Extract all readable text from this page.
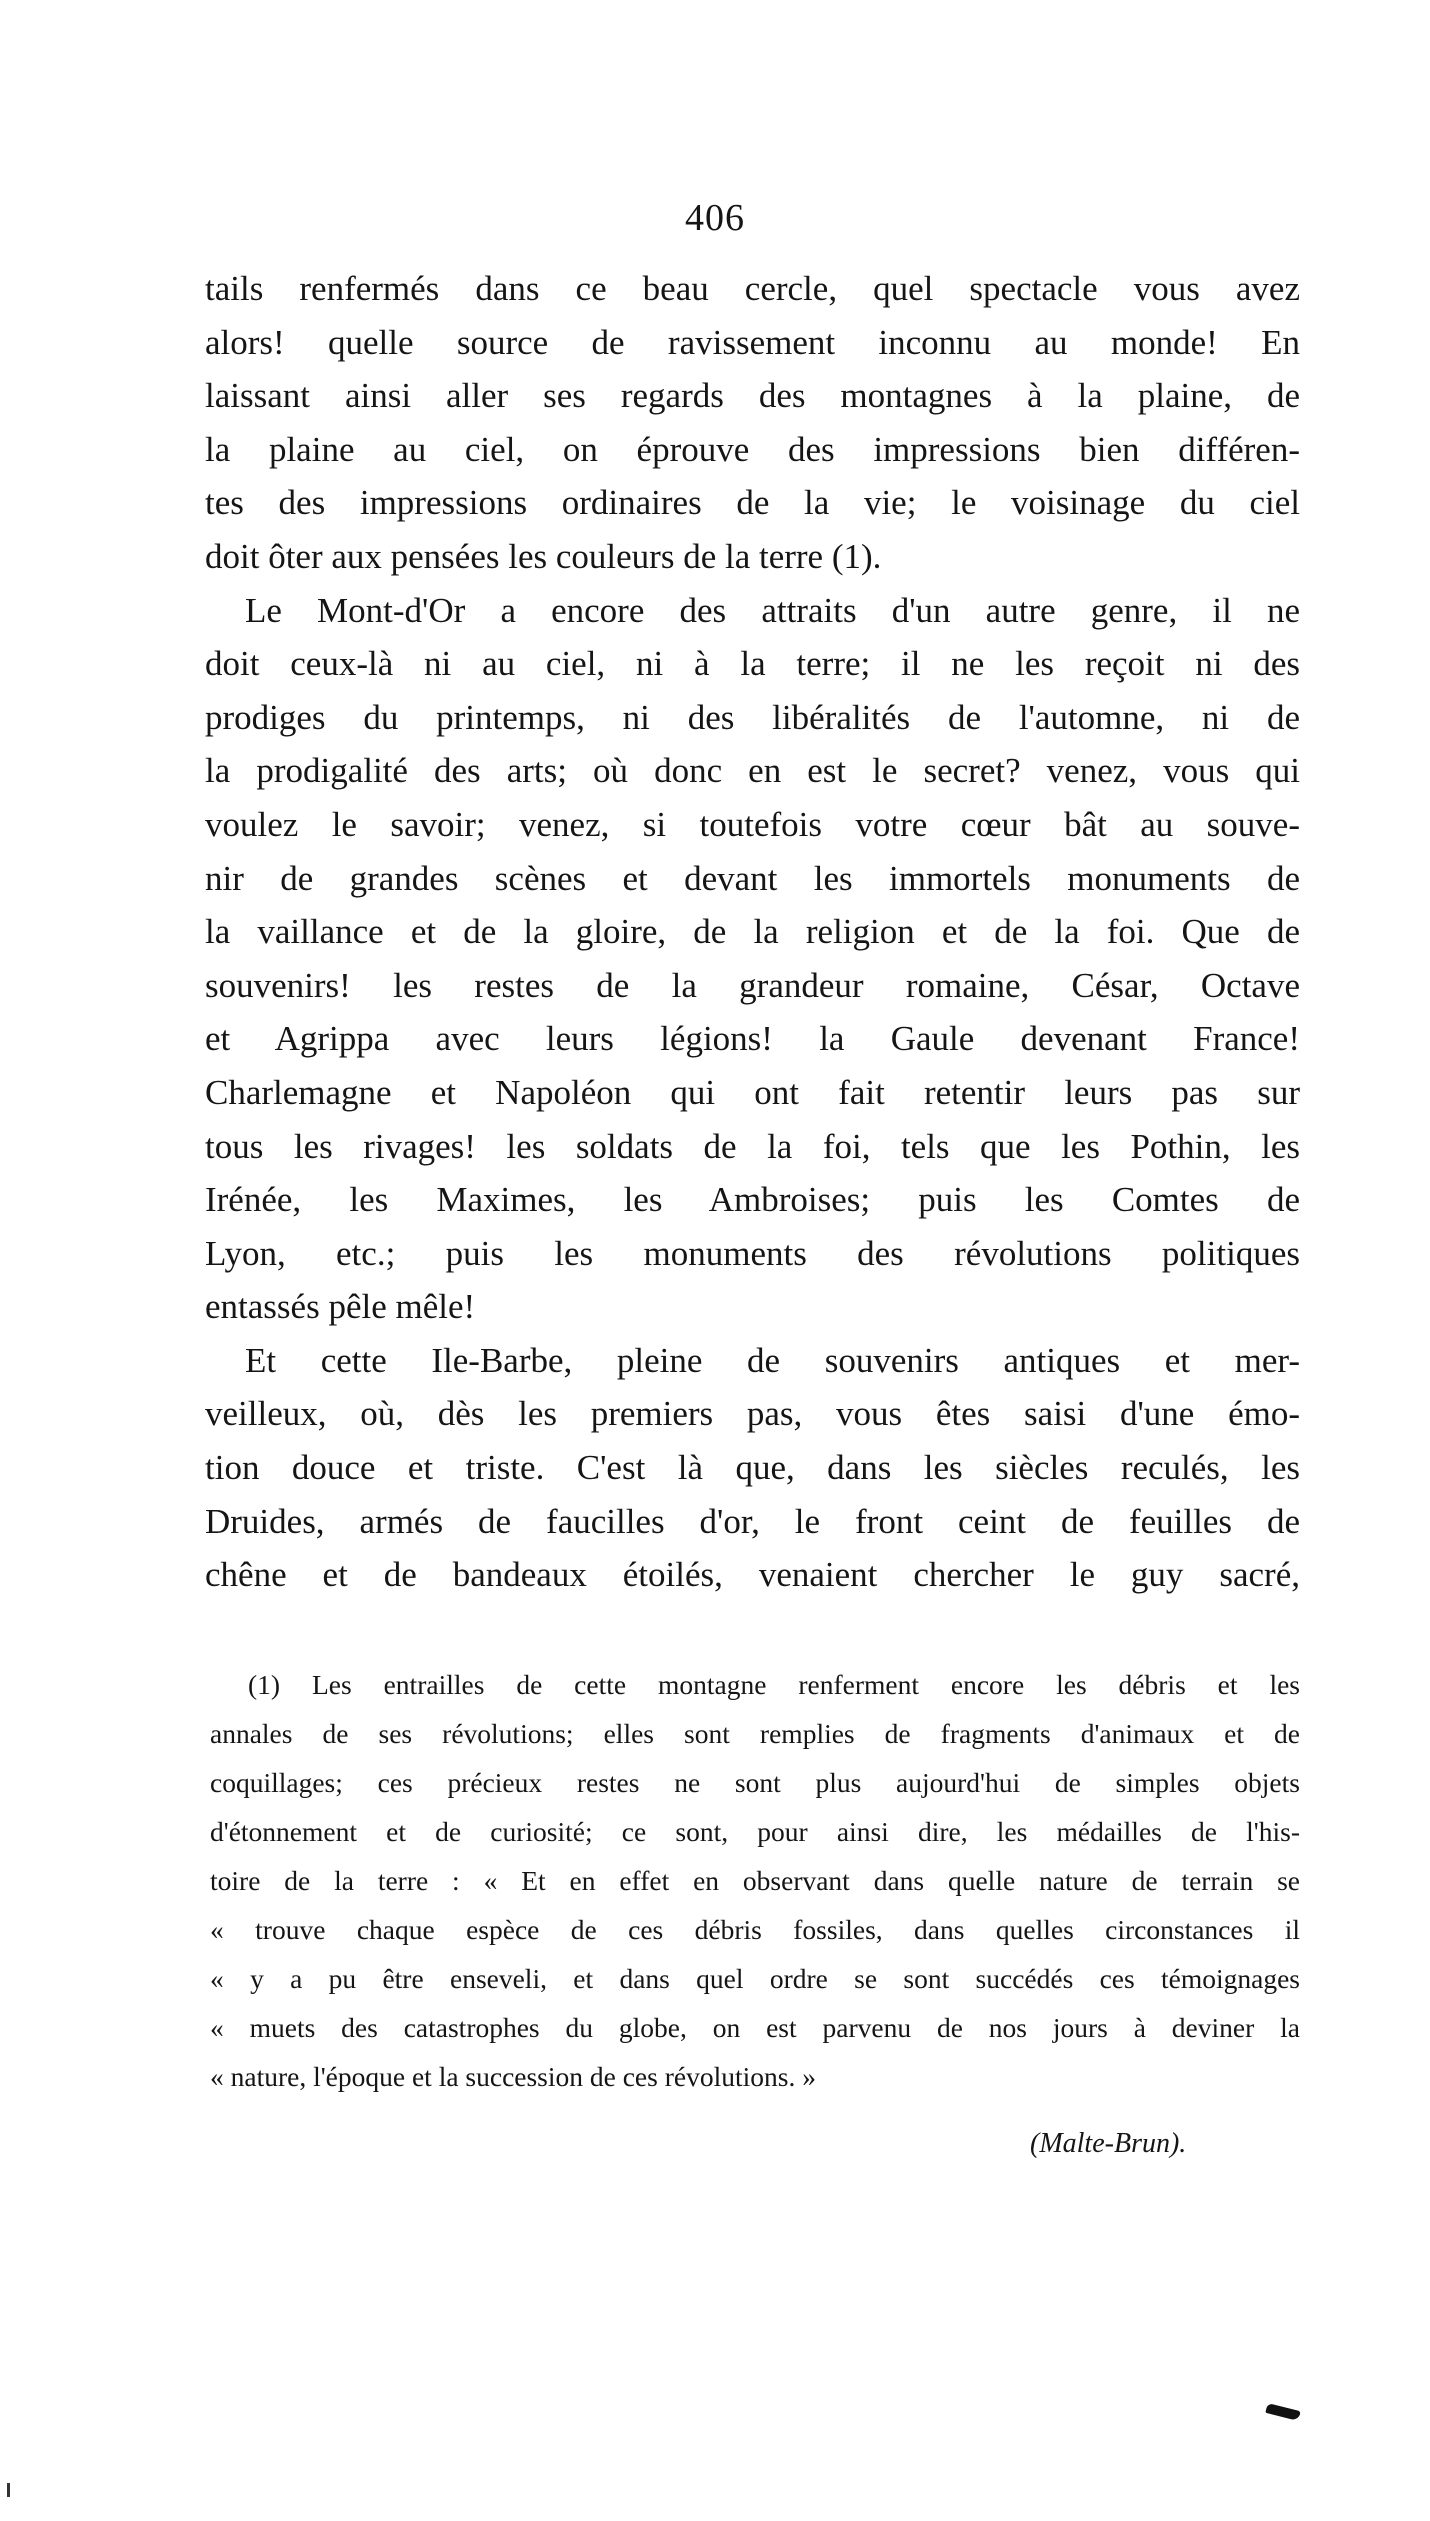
406

tails renfermés dans ce beau cercle, quel spectacle vous avez
alors! quelle source de ravissement inconnu au monde! En
laissant ainsi aller ses regards des montagnes à la plaine, de
la plaine au ciel, on éprouve des impressions bien différen-
tes des impressions ordinaires de la vie; le voisinage du ciel
doit ôter aux pensées les couleurs de la terre (1).

Le Mont-d'Or a encore des attraits d'un autre genre, il ne
doit ceux-là ni au ciel, ni à la terre; il ne les reçoit ni des
prodiges du printemps, ni des libéralités de l'automne, ni de
la prodigalité des arts; où donc en est le secret? venez, vous qui
voulez le savoir; venez, si toutefois votre cœur bât au souve-
nir de grandes scènes et devant les immortels monuments de
la vaillance et de la gloire, de la religion et de la foi. Que de
souvenirs! les restes de la grandeur romaine, César, Octave
et Agrippa avec leurs légions! la Gaule devenant France!
Charlemagne et Napoléon qui ont fait retentir leurs pas sur
tous les rivages! les soldats de la foi, tels que les Pothin, les
Irénée, les Maximes, les Ambroises; puis les Comtes de
Lyon, etc.; puis les monuments des révolutions politiques
entassés pêle mêle!

Et cette Ile-Barbe, pleine de souvenirs antiques et mer-
veilleux, où, dès les premiers pas, vous êtes saisi d'une émo-
tion douce et triste. C'est là que, dans les siècles reculés, les
Druides, armés de faucilles d'or, le front ceint de feuilles de
chêne et de bandeaux étoilés, venaient chercher le guy sacré,

(1) Les entrailles de cette montagne renferment encore les débris et les
annales de ses révolutions; elles sont remplies de fragments d'animaux et de
coquillages; ces précieux restes ne sont plus aujourd'hui de simples objets
d'étonnement et de curiosité; ce sont, pour ainsi dire, les médailles de l'his-
toire de la terre : « Et en effet en observant dans quelle nature de terrain se
« trouve chaque espèce de ces débris fossiles, dans quelles circonstances il
« y a pu être enseveli, et dans quel ordre se sont succédés ces témoignages
« muets des catastrophes du globe, on est parvenu de nos jours à deviner la
« nature, l'époque et la succession de ces révolutions. »
(Malte-Brun).
